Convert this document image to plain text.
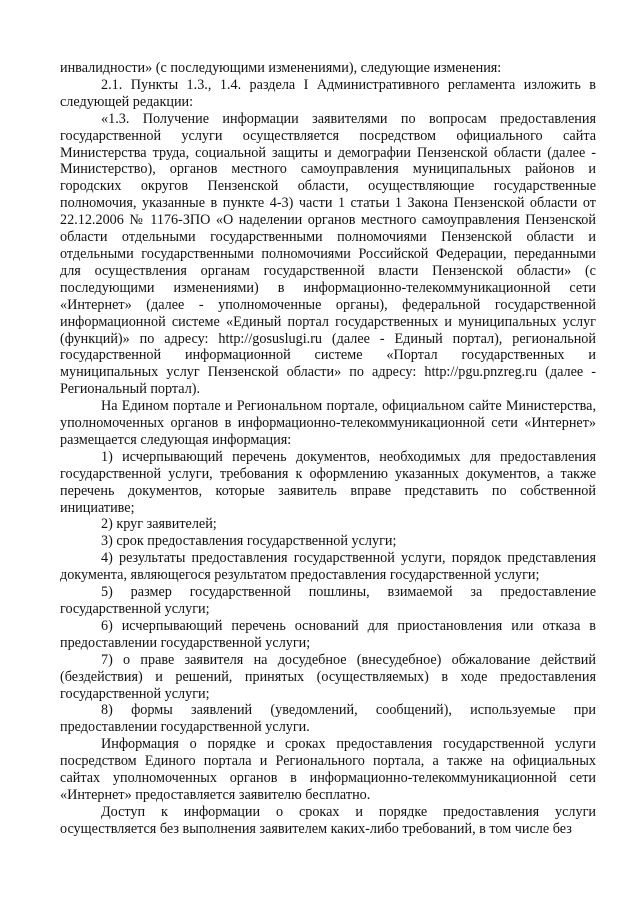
инвалидности» (с последующими изменениями), следующие изменения:

2.1. Пункты 1.3., 1.4. раздела I Административного регламента изложить в следующей редакции:

«1.3. Получение информации заявителями по вопросам предоставления государственной услуги осуществляется посредством официального сайта Министерства труда, социальной защиты и демографии Пензенской области (далее - Министерство), органов местного самоуправления муниципальных районов и городских округов Пензенской области, осуществляющие государственные полномочия, указанные в пункте 4-3) части 1 статьи 1 Закона Пензенской области от 22.12.2006 № 1176-ЗПО «О наделении органов местного самоуправления Пензенской области отдельными государственными полномочиями Пензенской области и отдельными государственными полномочиями Российской Федерации, переданными для осуществления органам государственной власти Пензенской области» (с последующими изменениями) в информационно-телекоммуникационной сети «Интернет» (далее - уполномоченные органы), федеральной государственной информационной системе «Единый портал государственных и муниципальных услуг (функций)» по адресу: http://gosuslugi.ru (далее - Единый портал), региональной государственной информационной системе «Портал государственных и муниципальных услуг Пензенской области» по адресу: http://pgu.pnzreg.ru (далее - Региональный портал).

На Едином портале и Региональном портале, официальном сайте Министерства, уполномоченных органов в информационно-телекоммуникационной сети «Интернет» размещается следующая информация:

1) исчерпывающий перечень документов, необходимых для предоставления государственной услуги, требования к оформлению указанных документов, а также перечень документов, которые заявитель вправе представить по собственной инициативе;

2) круг заявителей;

3) срок предоставления государственной услуги;

4) результаты предоставления государственной услуги, порядок представления документа, являющегося результатом предоставления государственной услуги;

5) размер государственной пошлины, взимаемой за предоставление государственной услуги;

6) исчерпывающий перечень оснований для приостановления или отказа в предоставлении государственной услуги;

7) о праве заявителя на досудебное (внесудебное) обжалование действий (бездействия) и решений, принятых (осуществляемых) в ходе предоставления государственной услуги;

8) формы заявлений (уведомлений, сообщений), используемые при предоставлении государственной услуги.

Информация о порядке и сроках предоставления государственной услуги посредством Единого портала и Регионального портала, а также на официальных сайтах уполномоченных органов в информационно-телекоммуникационной сети «Интернет» предоставляется заявителю бесплатно.

Доступ к информации о сроках и порядке предоставления услуги осуществляется без выполнения заявителем каких-либо требований, в том числе без
